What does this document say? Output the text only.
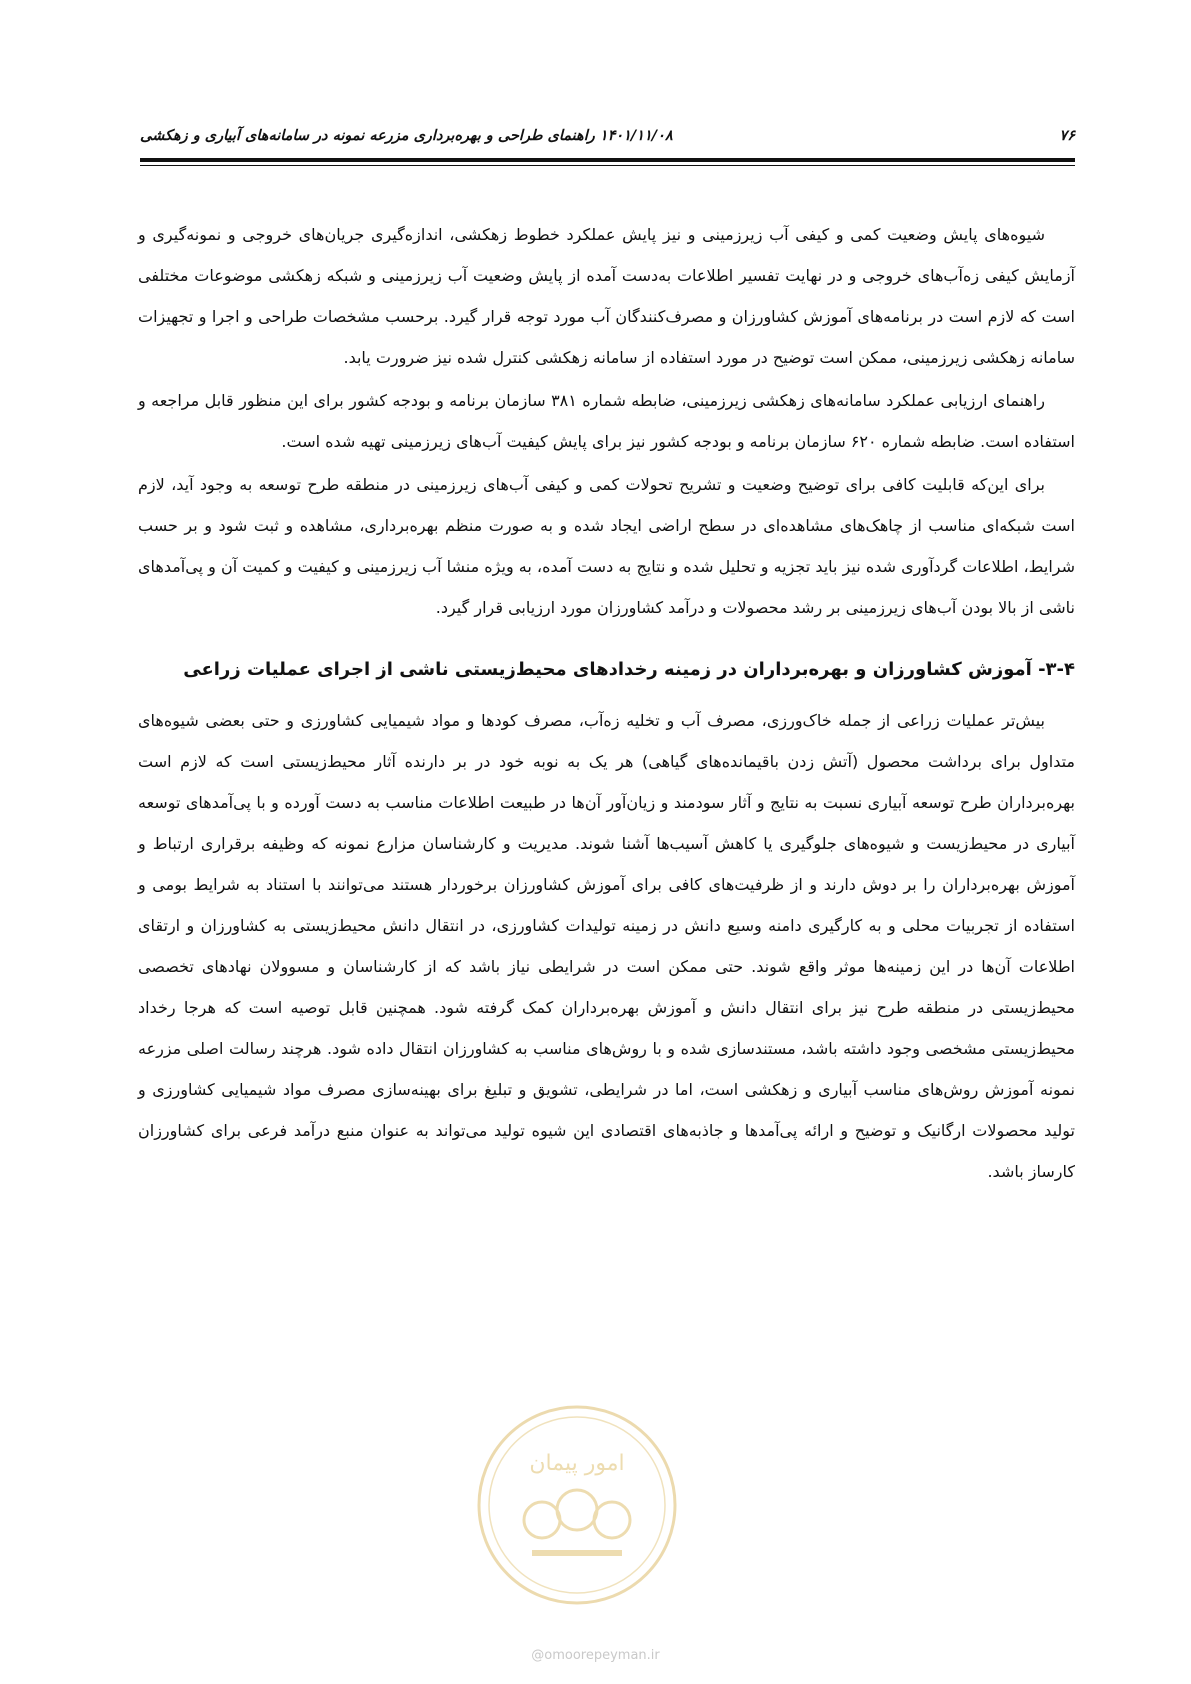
۷۶
۱۴۰۱/۱۱/۰۸ راهنمای طراحی و بهره‌برداری مزرعه نمونه در سامانه‌های آبیاری و زهکشی

شیوه‌های پایش وضعیت کمی و کیفی آب زیرزمینی و نیز پایش عملکرد خطوط زهکشی، اندازه‌گیری جریان‌های خروجی و نمونه‌گیری و آزمایش کیفی زه‌آب‌های خروجی و در نهایت تفسیر اطلاعات به‌دست آمده از پایش وضعیت آب زیرزمینی و شبکه زهکشی موضوعات مختلفی است که لازم است در برنامه‌های آموزش کشاورزان و مصرف‌کنندگان آب مورد توجه قرار گیرد. برحسب مشخصات طراحی و اجرا و تجهیزات سامانه زهکشی زیرزمینی، ممکن است توضیح در مورد استفاده از سامانه زهکشی کنترل شده نیز ضرورت یابد.

راهنمای ارزیابی عملکرد سامانه‌های زهکشی زیرزمینی، ضابطه شماره ۳۸۱ سازمان برنامه و بودجه کشور برای این منظور قابل مراجعه و استفاده است. ضابطه شماره ۶۲۰ سازمان برنامه و بودجه کشور نیز برای پایش کیفیت آب‌های زیرزمینی تهیه شده است.

برای این‌که قابلیت کافی برای توضیح وضعیت و تشریح تحولات کمی و کیفی آب‌های زیرزمینی در منطقه طرح توسعه به وجود آید، لازم است شبکه‌ای مناسب از چاهک‌های مشاهده‌ای در سطح اراضی ایجاد شده و به صورت منظم بهره‌برداری، مشاهده و ثبت شود و بر حسب شرایط، اطلاعات گردآوری شده نیز باید تجزیه و تحلیل شده و نتایج به دست آمده، به ویژه منشا آب زیرزمینی و کیفیت و کمیت آن و پی‌آمدهای ناشی از بالا بودن آب‌های زیرزمینی بر رشد محصولات و درآمد کشاورزان مورد ارزیابی قرار گیرد.

۳-۴- آموزش کشاورزان و بهره‌برداران در زمینه رخدادهای محیط‌زیستی ناشی از اجرای عملیات زراعی

بیش‌تر عملیات زراعی از جمله خاک‌ورزی، مصرف آب و تخلیه زه‌آب، مصرف کودها و مواد شیمیایی کشاورزی و حتی بعضی شیوه‌های متداول برای برداشت محصول (آتش زدن باقیمانده‌های گیاهی) هر یک به نوبه خود در بر دارنده آثار محیط‌زیستی است که لازم است بهره‌برداران طرح توسعه آبیاری نسبت به نتایج و آثار سودمند و زیان‌آور آن‌ها در طبیعت اطلاعات مناسب به دست آورده و با پی‌آمدهای توسعه آبیاری در محیط‌زیست و شیوه‌های جلوگیری یا کاهش آسیب‌ها آشنا شوند. مدیریت و کارشناسان مزارع نمونه که وظیفه برقراری ارتباط و آموزش بهره‌برداران را بر دوش دارند و از ظرفیت‌های کافی برای آموزش کشاورزان برخوردار هستند می‌توانند با استناد به شرایط بومی و استفاده از تجربیات محلی و به کارگیری دامنه وسیع دانش در زمینه تولیدات کشاورزی، در انتقال دانش محیط‌زیستی به کشاورزان و ارتقای اطلاعات آن‌ها در این زمینه‌ها موثر واقع شوند. حتی ممکن است در شرایطی نیاز باشد که از کارشناسان و مسوولان نهادهای تخصصی محیط‌زیستی در منطقه طرح نیز برای انتقال دانش و آموزش بهره‌برداران کمک گرفته شود. همچنین قابل توصیه است که هرجا رخداد محیط‌زیستی مشخصی وجود داشته باشد، مستندسازی شده و با روش‌های مناسب به کشاورزان انتقال داده شود. هرچند رسالت اصلی مزرعه نمونه آموزش روش‌های مناسب آبیاری و زهکشی است، اما در شرایطی، تشویق و تبلیغ برای بهینه‌سازی مصرف مواد شیمیایی کشاورزی و تولید محصولات ارگانیک و توضیح و ارائه پی‌آمدها و جاذبه‌های اقتصادی این شیوه تولید می‌تواند به عنوان منبع درآمد فرعی برای کشاورزان کارساز باشد.

امور پیمان
@omoorepeyman.ir
